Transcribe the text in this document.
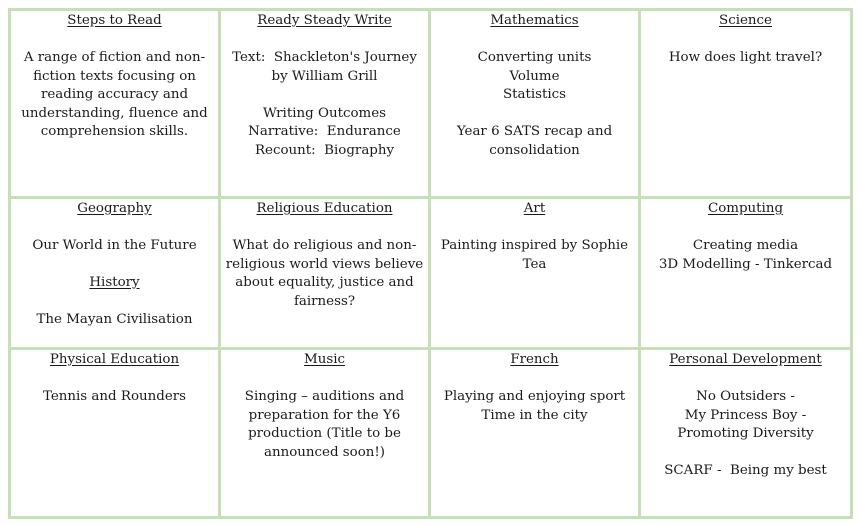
Steps to Read
A range of fiction and non-fiction texts focusing on reading accuracy and understanding, fluence and comprehension skills.
Ready Steady Write
Text:  Shackleton's Journey by William Grill
Writing Outcomes
Narrative:  Endurance
Recount:  Biography
Mathematics
Converting units
Volume
Statistics
Year 6 SATS recap and consolidation
Science
How does light travel?
Geography
Our World in the Future
History
The Mayan Civilisation
Religious Education
What do religious and non-religious world views believe about equality, justice and fairness?
Art
Painting inspired by Sophie Tea
Computing
Creating media
3D Modelling - Tinkercad
Physical Education
Tennis and Rounders
Music
Singing – auditions and preparation for the Y6 production (Title to be announced soon!)
French
Playing and enjoying sport
Time in the city
Personal Development
No Outsiders -
My Princess Boy -  Promoting Diversity
SCARF -  Being my best
